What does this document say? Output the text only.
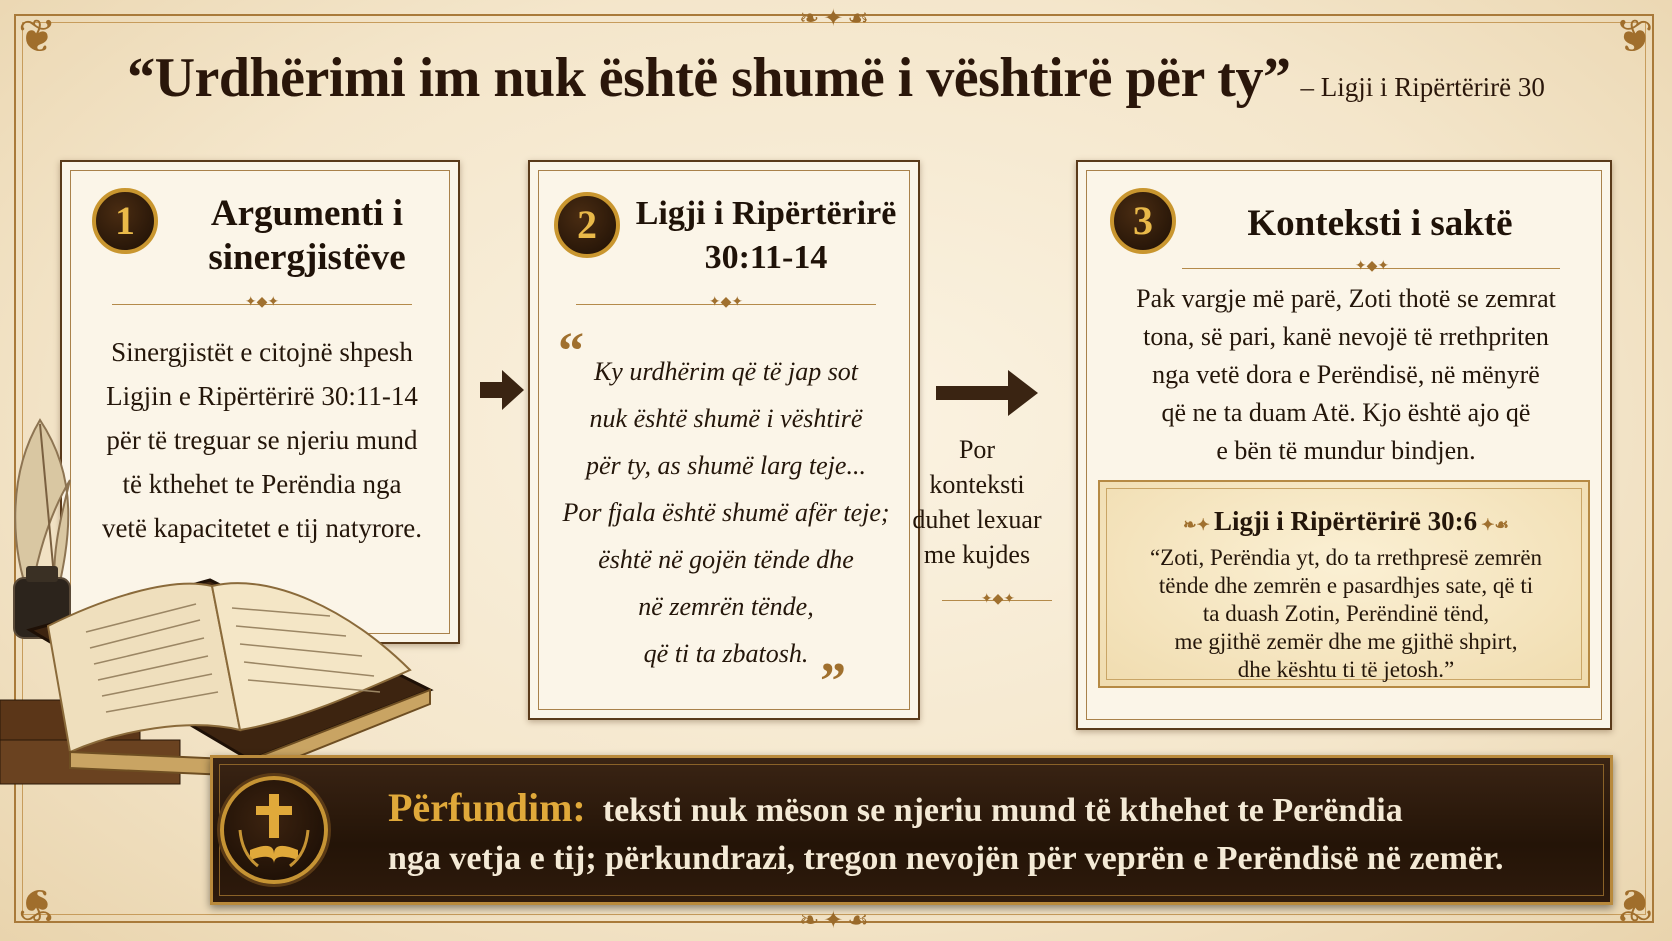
❦	❦
❦	❦
❧✦☙
❧✦☙
“Urdhërimi im nuk është shumë i vështirë për ty” – Ligji i Ripërtërirë 30
1	Argumenti i
sinergjistëve
✦◆✦
Sinergjistët e citojnë shpesh
Ligjin e Ripërtërirë 30:11-14
për të treguar se njeriu mund
të kthehet te Perëndia nga
vetë kapacitetet e tij natyrore.
2	Ligji i Ripërtërirë
30:11-14
✦◆✦
“ Ky urdhërim që të jap sot
nuk është shumë i vështirë
për ty, as shumë larg teje...
Por fjala është shumë afër teje;
është në gojën tënde dhe
në zemrën tënde,
që ti ta zbatosh. ”
Por
konteksti
duhet lexuar
me kujdes
✦◆✦
3	Konteksti i saktë
✦◆✦
Pak vargje më parë, Zoti thotë se zemrat
tona, së pari, kanë nevojë të rrethpriten
nga vetë dora e Perëndisë, në mënyrë
që ne ta duam Atë. Kjo është ajo që
e bën të mundur bindjen.
❧✦ Ligji i Ripërtërirë 30:6 ✦☙
“Zoti, Perëndia yt, do ta rrethpresë zemrën
tënde dhe zemrën e pasardhjes sate, që ti
ta duash Zotin, Perëndinë tënd,
me gjithë zemër dhe me gjithë shpirt,
dhe kështu ti të jetosh.”
Përfundim: teksti nuk mëson se njeriu mund të kthehet te Perëndia
nga vetja e tij; përkundrazi, tregon nevojën për veprën e Perëndisë në zemër.
